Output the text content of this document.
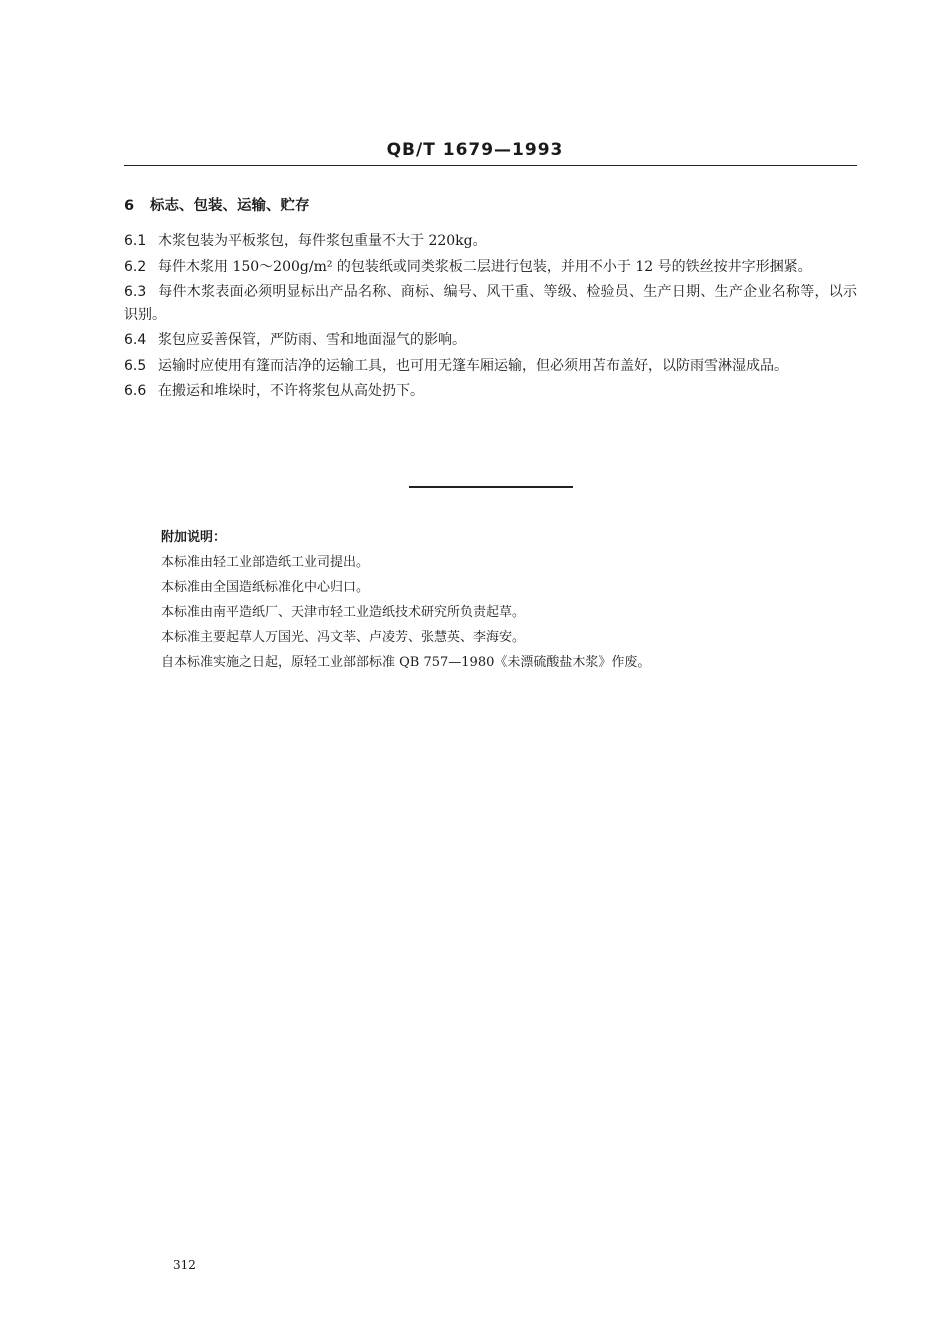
QB/T 1679—1993
6 标志、包装、运输、贮存

6.1 木浆包装为平板浆包，每件浆包重量不大于 220kg。

6.2 每件木浆用 150～200g/m² 的包装纸或同类浆板二层进行包装，并用不小于 12 号的铁丝按井字形捆紧。

6.3 每件木浆表面必须明显标出产品名称、商标、编号、风干重、等级、检验员、生产日期、生产企业名称等，以示识别。

6.4 浆包应妥善保管，严防雨、雪和地面湿气的影响。

6.5 运输时应使用有篷而洁净的运输工具，也可用无篷车厢运输，但必须用苫布盖好，以防雨雪淋湿成品。

6.6 在搬运和堆垛时，不许将浆包从高处扔下。

附加说明：
本标准由轻工业部造纸工业司提出。
本标准由全国造纸标准化中心归口。
本标准由南平造纸厂、天津市轻工业造纸技术研究所负责起草。
本标准主要起草人万国光、冯文莘、卢凌芳、张慧英、李海安。
自本标准实施之日起，原轻工业部部标准 QB 757—1980《未漂硫酸盐木浆》作废。
312
